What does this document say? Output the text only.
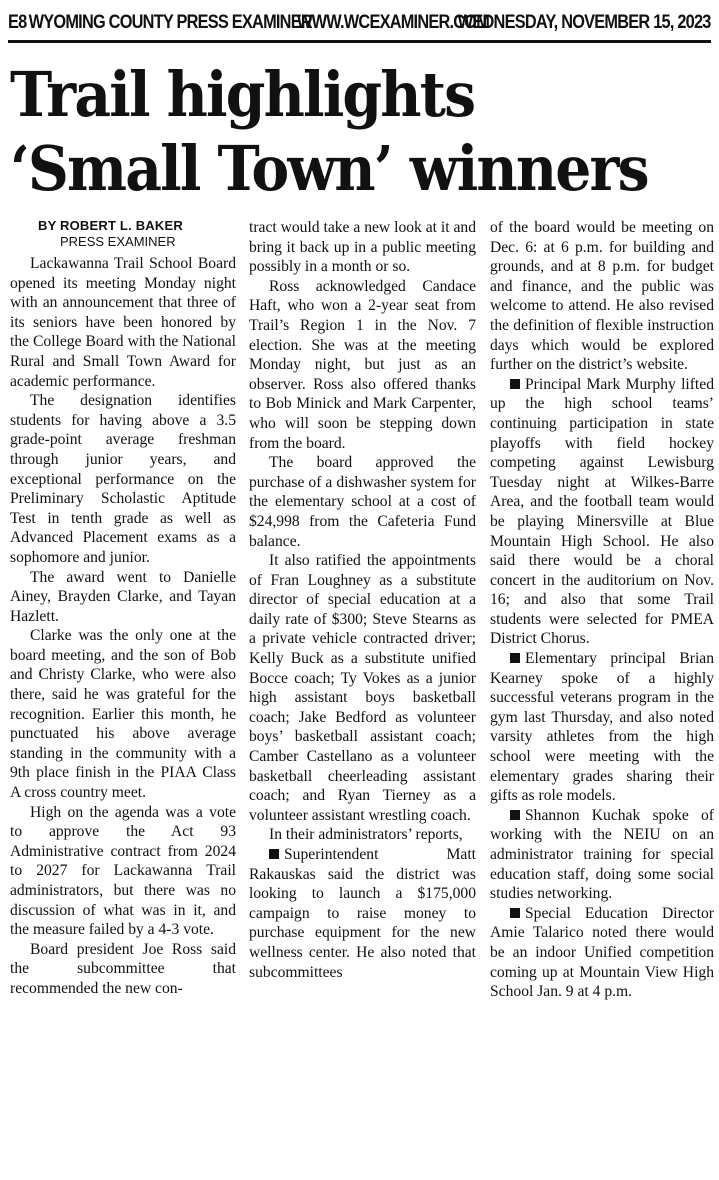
E8 WYOMING COUNTY PRESS EXAMINER
WWW.WCEXAMINER.COM
WEDNESDAY, NOVEMBER 15, 2023
Trail highlights
‘Small Town’ winners
BY ROBERT L. BAKER
PRESS EXAMINER

Lackawanna Trail School Board opened its meeting Monday night with an announcement that three of its seniors have been honored by the College Board with the National Rural and Small Town Award for academic performance.

The designation identifies students for having above a 3.5 grade-point average freshman through junior years, and exceptional performance on the Preliminary Scholastic Aptitude Test in tenth grade as well as Advanced Placement exams as a sophomore and junior.

The award went to Danielle Ainey, Brayden Clarke, and Tayan Hazlett.

Clarke was the only one at the board meeting, and the son of Bob and Christy Clarke, who were also there, said he was grateful for the recognition. Earlier this month, he punctuated his above average standing in the community with a 9th place finish in the PIAA Class A cross country meet.

High on the agenda was a vote to approve the Act 93 Administrative contract from 2024 to 2027 for Lackawanna Trail administrators, but there was no discussion of what was in it, and the measure failed by a 4-3 vote.

Board president Joe Ross said the subcommittee that recommended the new con-

tract would take a new look at it and bring it back up in a public meeting possibly in a month or so.

Ross acknowledged Candace Haft, who won a 2-year seat from Trail’s Region 1 in the Nov. 7 election. She was at the meeting Monday night, but just as an observer. Ross also offered thanks to Bob Minick and Mark Carpenter, who will soon be stepping down from the board.

The board approved the purchase of a dishwasher system for the elementary school at a cost of $24,998 from the Cafeteria Fund balance.

It also ratified the appointments of Fran Loughney as a substitute director of special education at a daily rate of $300; Steve Stearns as a private vehicle contracted driver; Kelly Buck as a substitute unified Bocce coach; Ty Vokes as a junior high assistant boys basketball coach; Jake Bedford as volunteer boys’ basketball assistant coach; Camber Castellano as a volunteer basketball cheerleading assistant coach; and Ryan Tierney as a volunteer assistant wrestling coach.

In their administrators’ reports,

Superintendent Matt Rakauskas said the district was looking to launch a $175,000 campaign to raise money to purchase equipment for the new wellness center. He also noted that subcommittees

of the board would be meeting on Dec. 6: at 6 p.m. for building and grounds, and at 8 p.m. for budget and finance, and the public was welcome to attend. He also revised the definition of flexible instruction days which would be explored further on the district’s website.

Principal Mark Murphy lifted up the high school teams’ continuing participation in state playoffs with field hockey competing against Lewisburg Tuesday night at Wilkes-Barre Area, and the football team would be playing Minersville at Blue Mountain High School. He also said there would be a choral concert in the auditorium on Nov. 16; and also that some Trail students were selected for PMEA District Chorus.

Elementary principal Brian Kearney spoke of a highly successful veterans program in the gym last Thursday, and also noted varsity athletes from the high school were meeting with the elementary grades sharing their gifts as role models.

Shannon Kuchak spoke of working with the NEIU on an administrator training for special education staff, doing some social studies networking.

Special Education Director Amie Talarico noted there would be an indoor Unified competition coming up at Mountain View High School Jan. 9 at 4 p.m.
